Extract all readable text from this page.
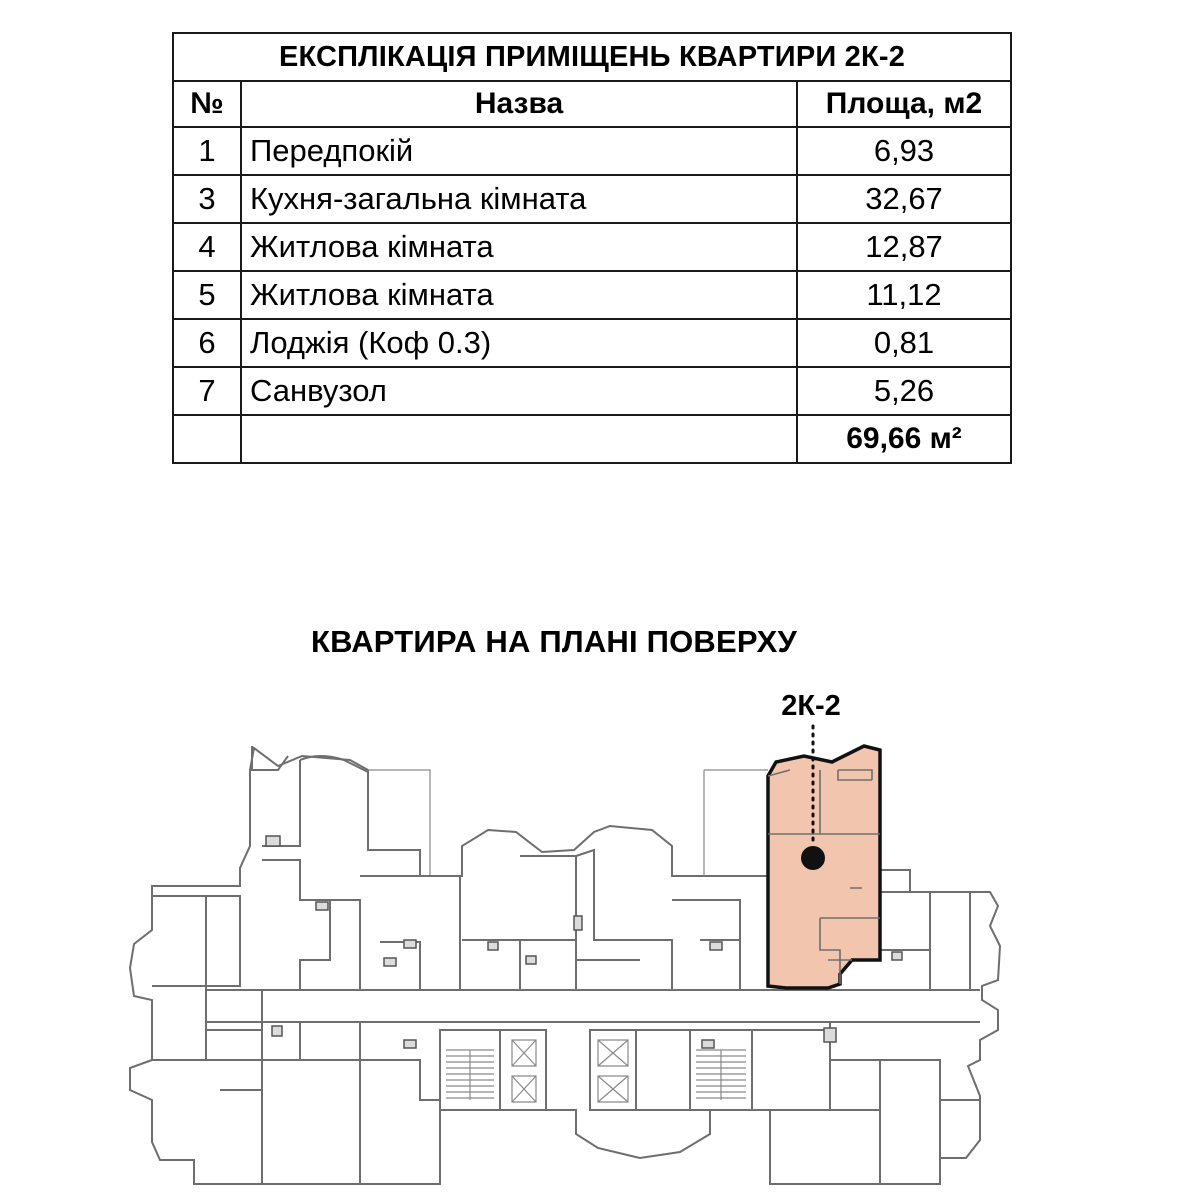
ЕКСПЛІКАЦІЯ ПРИМІЩЕНЬ КВАРТИРИ 2К-2		
№	Назва	Площа, м2
1	Передпокій	6,93
3	Кухня-загальна кімната	32,67
4	Житлова кімната	12,87
5	Житлова кімната	11,12
6	Лоджія (Коф 0.3)	0,81
7	Санвузол	5,26
		69,66 м²
КВАРТИРА НА ПЛАНІ ПОВЕРХУ
2К-2
